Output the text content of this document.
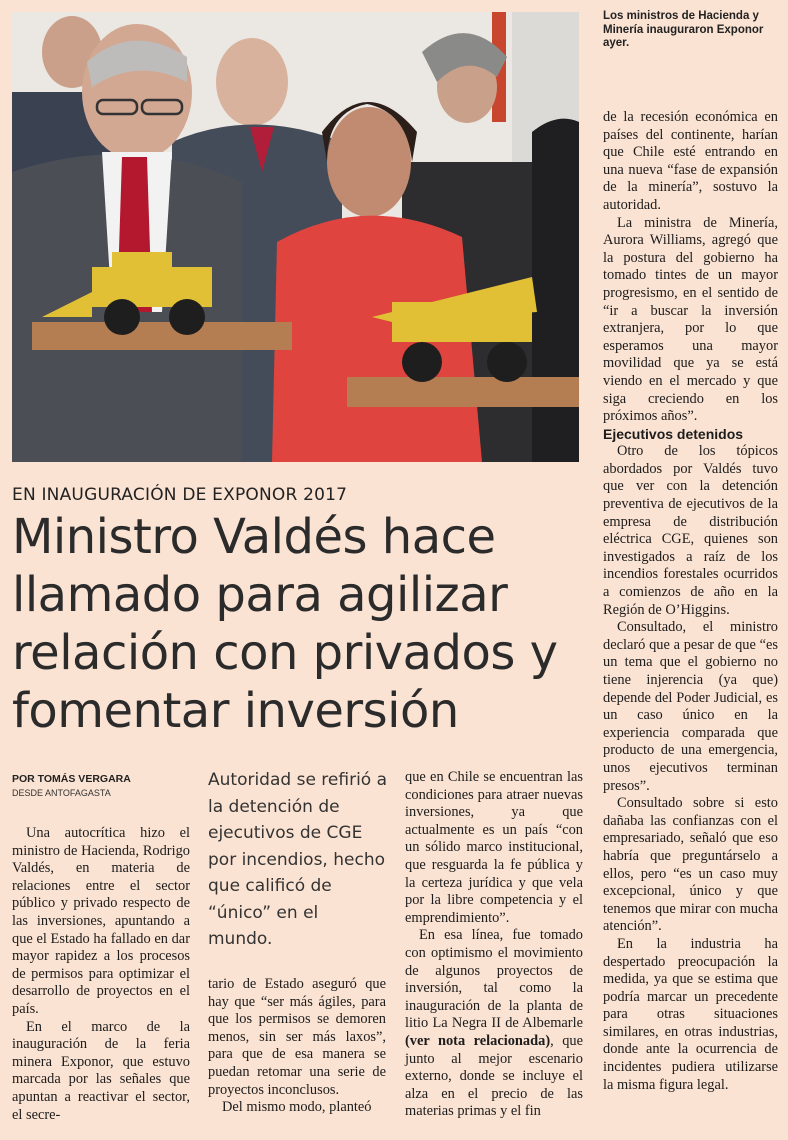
Los ministros de Hacienda y Minería inauguraron Exponor ayer.
EN INAUGURACIÓN DE EXPONOR 2017
Ministro Valdés hace llamado para agilizar relación con privados y fomentar inversión
POR TOMÁS VERGARA
DESDE ANTOFAGASTA

Una autocrítica hizo el ministro de Hacienda, Rodrigo Valdés, en materia de relaciones entre el sector público y privado respecto de las inversiones, apuntando a que el Estado ha fallado en dar mayor rapidez a los procesos de permisos para optimizar el desarrollo de proyectos en el país.

En el marco de la inauguración de la feria minera Exponor, que estuvo marcada por las señales que apuntan a reactivar el sector, el secre-

Autoridad se refirió a la detención de ejecutivos de CGE por incendios, hecho que calificó de “único” en el mundo.

tario de Estado aseguró que hay que “ser más ágiles, para que los permisos se demoren menos, sin ser más laxos”, para que de esa manera se puedan retomar una serie de proyectos inconclusos.

Del mismo modo, planteó

que en Chile se encuentran las condiciones para atraer nuevas inversiones, ya que actualmente es un país “con un sólido marco institucional, que resguarda la fe pública y la certeza jurídica y que vela por la libre competencia y el emprendimiento”.

En esa línea, fue tomado con optimismo el movimiento de algunos proyectos de inversión, tal como la inauguración de la planta de litio La Negra II de Albemarle (ver nota relacionada), que junto al mejor escenario externo, donde se incluye el alza en el precio de las materias primas y el fin

de la recesión económica en países del continente, harían que Chile esté entrando en una nueva “fase de expansión de la minería”, sostuvo la autoridad.

La ministra de Minería, Aurora Williams, agregó que la postura del gobierno ha tomado tintes de un mayor progresismo, en el sentido de “ir a buscar la inversión extranjera, por lo que esperamos una mayor movilidad que ya se está viendo en el mercado y que siga creciendo en los próximos años”.

Ejecutivos detenidos

Otro de los tópicos abordados por Valdés tuvo que ver con la detención preventiva de ejecutivos de la empresa de distribución eléctrica CGE, quienes son investigados a raíz de los incendios forestales ocurridos a comienzos de año en la Región de O’Higgins.

Consultado, el ministro declaró que a pesar de que “es un tema que el gobierno no tiene injerencia (ya que) depende del Poder Judicial, es un caso único en la experiencia comparada que producto de una emergencia, unos ejecutivos terminan presos”.

Consultado sobre si esto dañaba las confianzas con el empresariado, señaló que eso habría que preguntárselo a ellos, pero “es un caso muy excepcional, único y que tenemos que mirar con mucha atención”.

En la industria ha despertado preocupación la medida, ya que se estima que podría marcar un precedente para otras situaciones similares, en otras industrias, donde ante la ocurrencia de incidentes pudiera utilizarse la misma figura legal.
